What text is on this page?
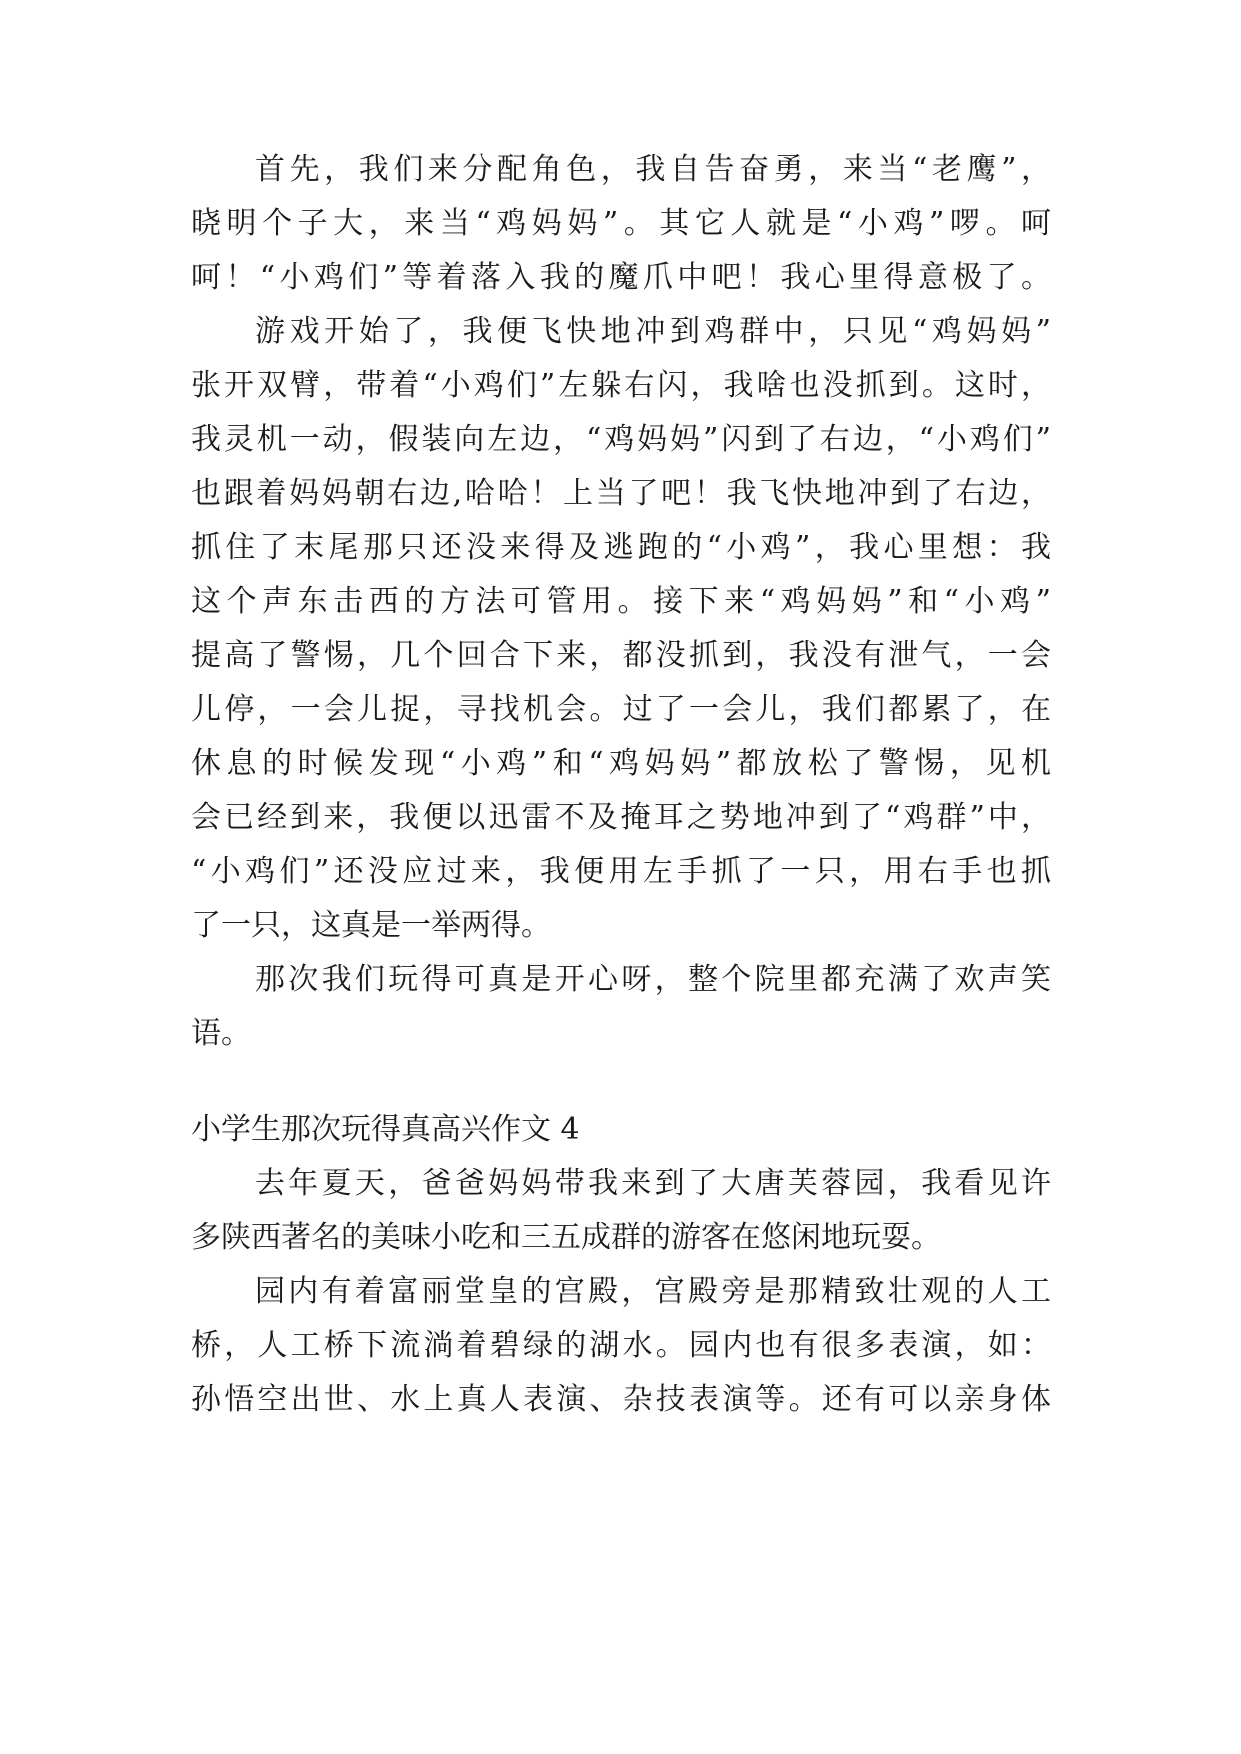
首先，我们来分配角色，我自告奋勇，来当“老鹰”，
晓明个子大，来当“鸡妈妈”。其它人就是“小鸡”啰。呵
呵！“小鸡们”等着落入我的魔爪中吧！我心里得意极了。
游戏开始了，我便飞快地冲到鸡群中，只见“鸡妈妈”
张开双臂，带着“小鸡们”左躲右闪，我啥也没抓到。这时，
我灵机一动，假装向左边，“鸡妈妈”闪到了右边，“小鸡们”
也跟着妈妈朝右边,哈哈！上当了吧！我飞快地冲到了右边，
抓住了末尾那只还没来得及逃跑的“小鸡”，我心里想：我
这个声东击西的方法可管用。接下来“鸡妈妈”和“小鸡”
提高了警惕，几个回合下来，都没抓到，我没有泄气，一会
儿停，一会儿捉，寻找机会。过了一会儿，我们都累了，在
休息的时候发现“小鸡”和“鸡妈妈”都放松了警惕，见机
会已经到来，我便以迅雷不及掩耳之势地冲到了“鸡群”中，
“小鸡们”还没应过来，我便用左手抓了一只，用右手也抓
了一只，这真是一举两得。
那次我们玩得可真是开心呀，整个院里都充满了欢声笑
语。
小学生那次玩得真高兴作文 4
去年夏天，爸爸妈妈带我来到了大唐芙蓉园，我看见许
多陕西著名的美味小吃和三五成群的游客在悠闲地玩耍。
园内有着富丽堂皇的宫殿，宫殿旁是那精致壮观的人工
桥，人工桥下流淌着碧绿的湖水。园内也有很多表演，如：
孙悟空出世、水上真人表演、杂技表演等。还有可以亲身体
